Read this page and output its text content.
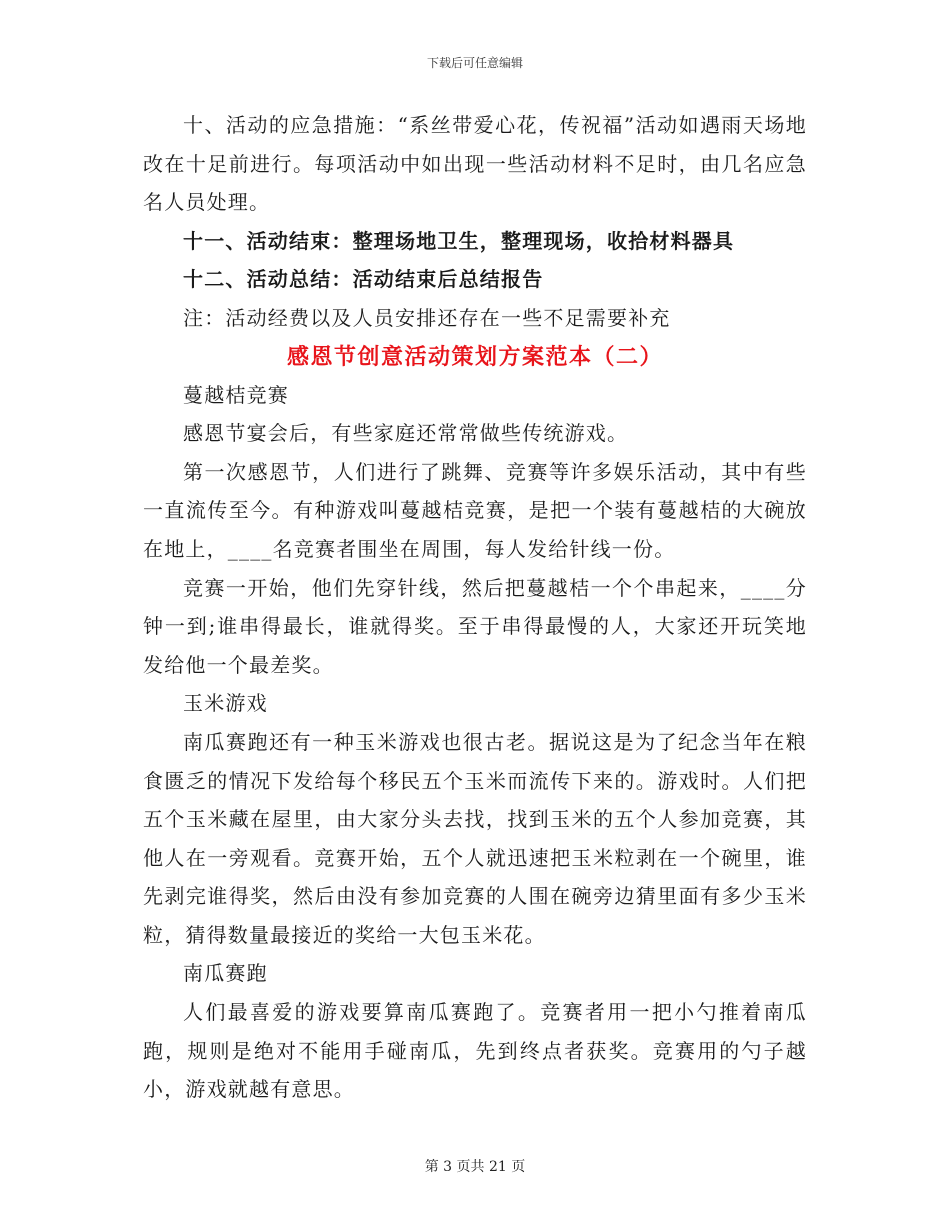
下载后可任意编辑

十、活动的应急措施：“系丝带爱心花，传祝福”活动如遇雨天场地改在十足前进行。每项活动中如出现一些活动材料不足时，由几名应急名人员处理。

十一、活动结束：整理场地卫生，整理现场，收拾材料器具

十二、活动总结：活动结束后总结报告

注：活动经费以及人员安排还存在一些不足需要补充

感恩节创意活动策划方案范本（二）

蔓越桔竞赛

感恩节宴会后，有些家庭还常常做些传统游戏。

第一次感恩节，人们进行了跳舞、竞赛等许多娱乐活动，其中有些一直流传至今。有种游戏叫蔓越桔竞赛，是把一个装有蔓越桔的大碗放在地上，____名竞赛者围坐在周围，每人发给针线一份。

竞赛一开始，他们先穿针线，然后把蔓越桔一个个串起来，____分钟一到;谁串得最长，谁就得奖。至于串得最慢的人，大家还开玩笑地发给他一个最差奖。

玉米游戏

南瓜赛跑还有一种玉米游戏也很古老。据说这是为了纪念当年在粮食匮乏的情况下发给每个移民五个玉米而流传下来的。游戏时。人们把五个玉米藏在屋里，由大家分头去找，找到玉米的五个人参加竞赛，其他人在一旁观看。竞赛开始，五个人就迅速把玉米粒剥在一个碗里，谁先剥完谁得奖，然后由没有参加竞赛的人围在碗旁边猜里面有多少玉米粒，猜得数量最接近的奖给一大包玉米花。

南瓜赛跑

人们最喜爱的游戏要算南瓜赛跑了。竞赛者用一把小勺推着南瓜跑，规则是绝对不能用手碰南瓜，先到终点者获奖。竞赛用的勺子越小，游戏就越有意思。

第 3 页共 21 页
